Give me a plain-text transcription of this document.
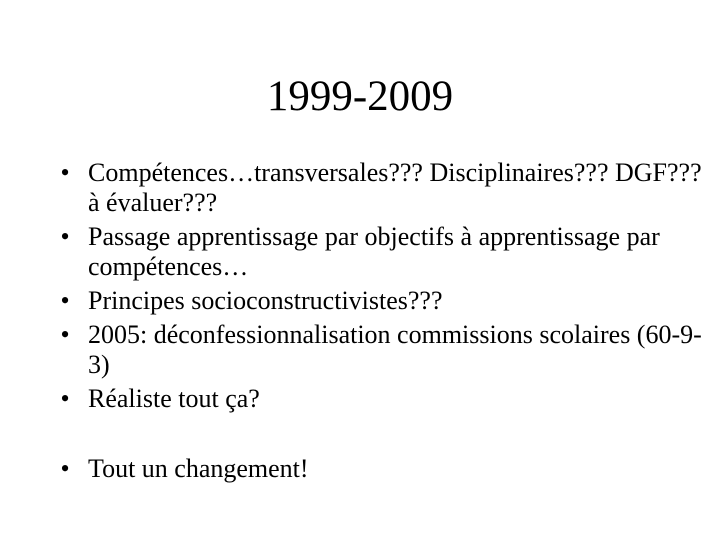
1999-2009
• Compétences…transversales??? Disciplinaires??? DGF??? à évaluer???
• Passage apprentissage par objectifs à apprentissage par compétences…
• Principes socioconstructivistes???
• 2005: déconfessionnalisation commissions scolaires (60-9-3)
• Réaliste tout ça?
• Tout un changement!
